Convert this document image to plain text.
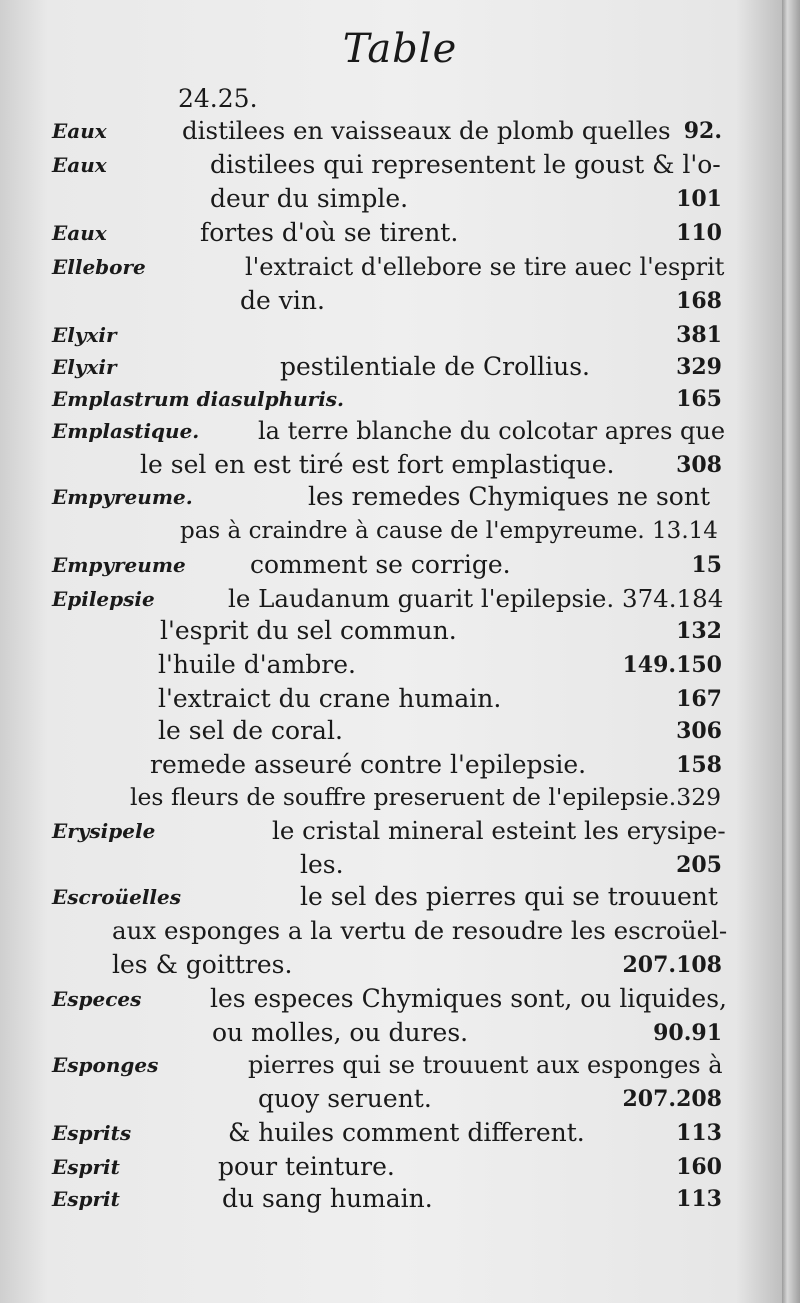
Table
24.25.
Eaux	distilees en vaisseaux de plomb quelles 92.
Eaux	distilees qui representent le goust & l'o-
deur du simple.	101
Eaux	fortes d'où se tirent.	110
Ellebore	l'extraict d'ellebore se tire auec l'esprit
de vin.	168
Elyxir	381
Elyxir	pestilentiale de Crollius.	329
Emplastrum diasulphuris.	165
Emplastique. la terre blanche du colcotar apres que
le sel en est tiré est fort emplastique.	308
Empyreume.	les remedes Chymiques ne sont
pas à craindre à cause de l'empyreume. 13.14
Empyreume	comment se corrige.	15
Epilepsie	le Laudanum guarit l'epilepsie. 374.184
l'esprit du sel commun.	132
l'huile d'ambre.	149.150
l'extraict du crane humain.	167
le sel de coral.	306
remede asseuré contre l'epilepsie.	158
les fleurs de souffre preseruent de l'epilepsie.329
Erysipele	le cristal mineral esteint les erysipe-
les.	205
Escroüelles	le sel des pierres qui se trouuent
aux esponges a la vertu de resoudre les escroüel-
les & goittres.	207.108
Especes	les especes Chymiques sont, ou liquides,
ou molles, ou dures.	90.91
Esponges	pierres qui se trouuent aux esponges à
quoy seruent.	207.208
Esprits	& huiles comment different.	113
Esprit	pour teinture.	160
Esprit	du sang humain.	113
